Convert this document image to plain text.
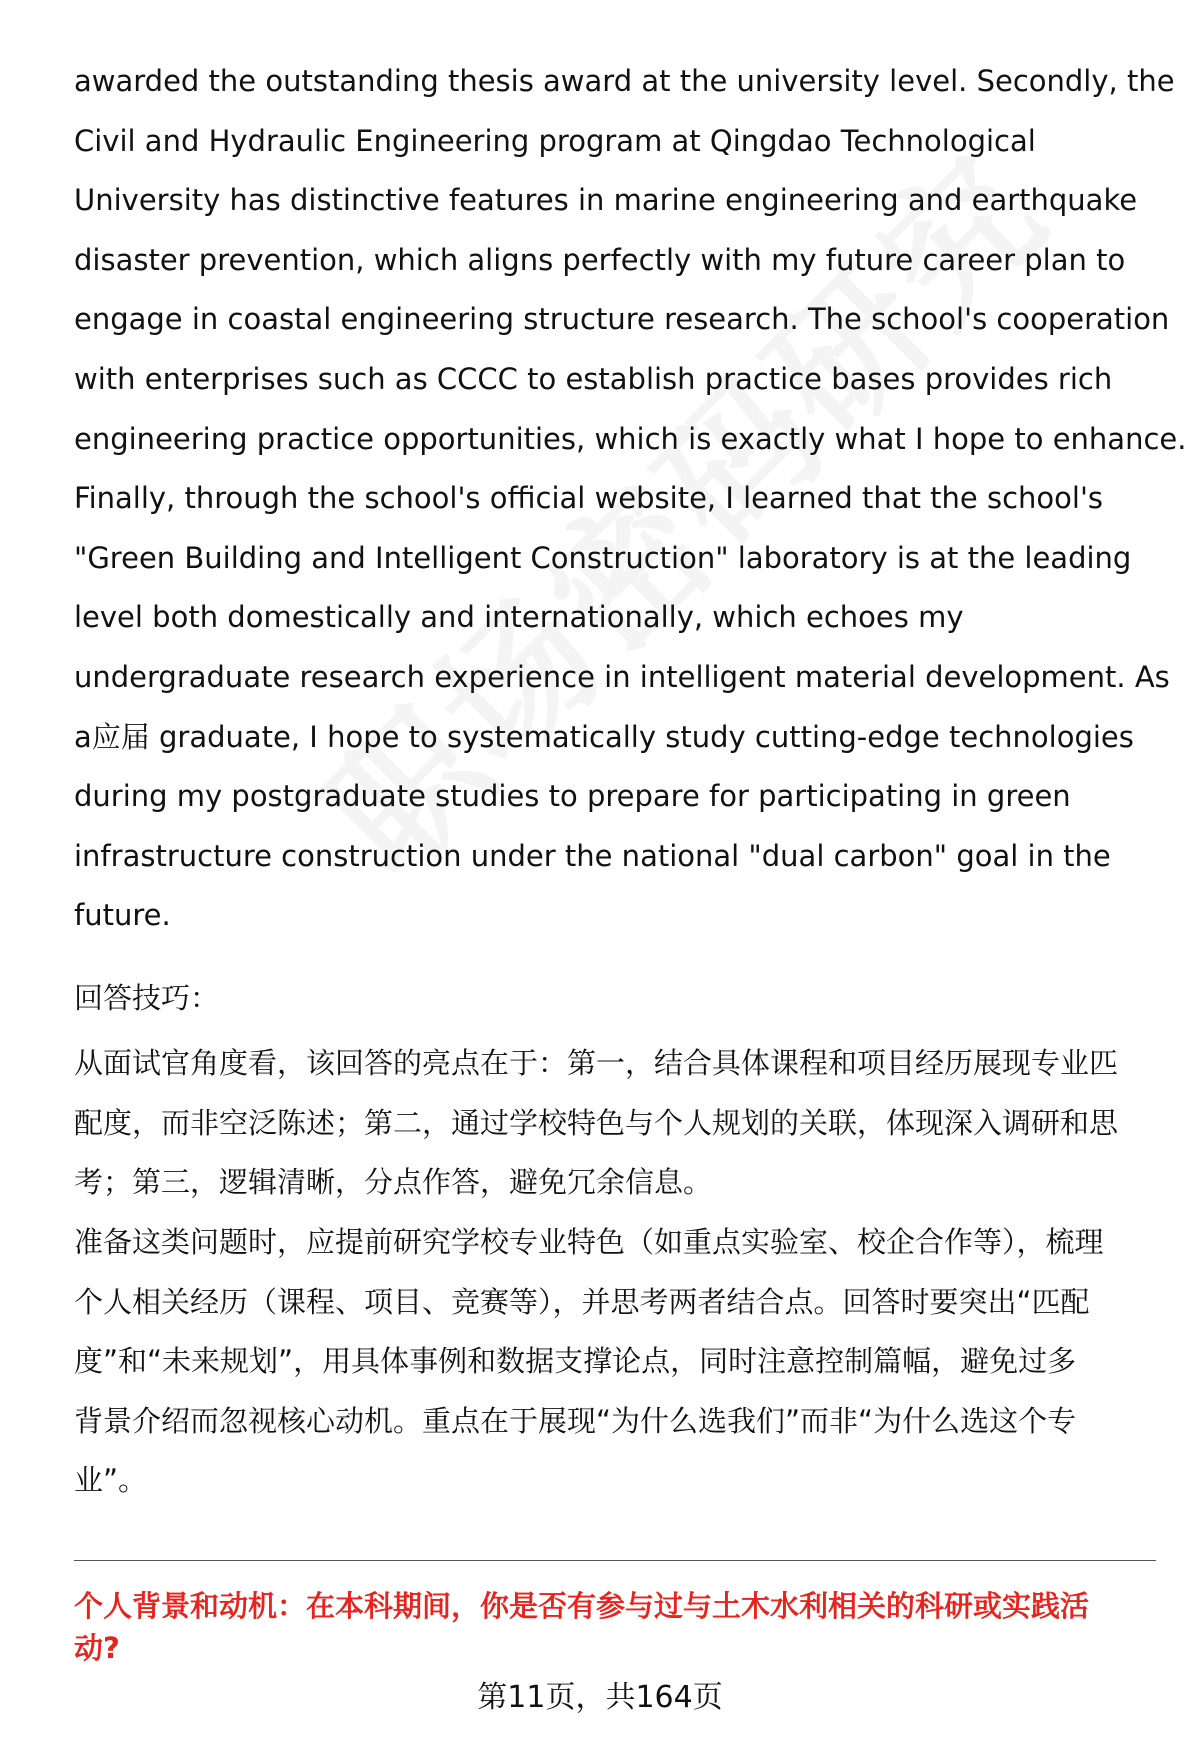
awarded the outstanding thesis award at the university level. Secondly, the
Civil and Hydraulic Engineering program at Qingdao Technological
University has distinctive features in marine engineering and earthquake
disaster prevention, which aligns perfectly with my future career plan to
engage in coastal engineering structure research. The school's cooperation
with enterprises such as CCCC to establish practice bases provides rich
engineering practice opportunities, which is exactly what I hope to enhance.
Finally, through the school's official website, I learned that the school's
"Green Building and Intelligent Construction" laboratory is at the leading
level both domestically and internationally, which echoes my
undergraduate research experience in intelligent material development. As
a应届 graduate, I hope to systematically study cutting-edge technologies
during my postgraduate studies to prepare for participating in green
infrastructure construction under the national "dual carbon" goal in the
future.
回答技巧：
从面试官角度看，该回答的亮点在于：第一，结合具体课程和项目经历展现专业匹
配度，而非空泛陈述；第二，通过学校特色与个人规划的关联，体现深入调研和思
考；第三，逻辑清晰，分点作答，避免冗余信息。
准备这类问题时，应提前研究学校专业特色（如重点实验室、校企合作等），梳理
个人相关经历（课程、项目、竞赛等），并思考两者结合点。回答时要突出“匹配
度”和“未来规划”，用具体事例和数据支撑论点，同时注意控制篇幅，避免过多
背景介绍而忽视核心动机。重点在于展现“为什么选我们”而非“为什么选这个专
业”。
个人背景和动机：在本科期间，你是否有参与过与土木水利相关的科研或实践活
动?
第11页，共164页
